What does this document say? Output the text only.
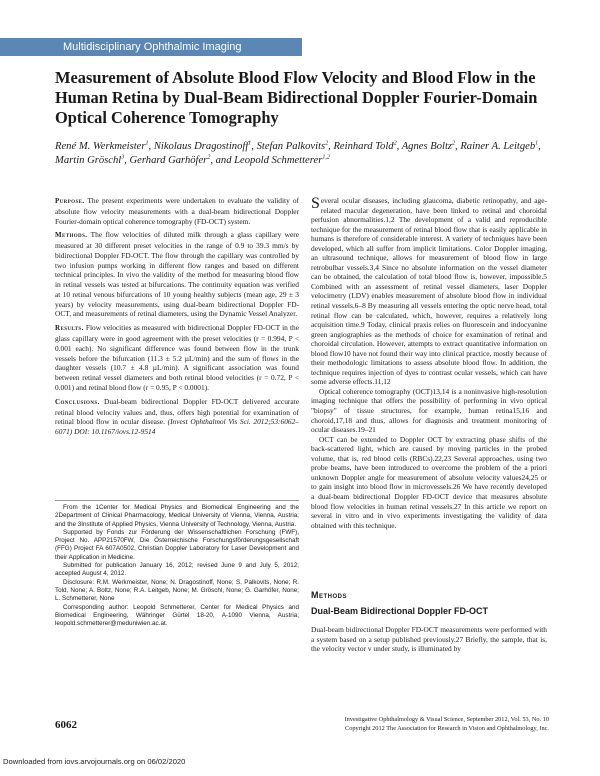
Multidisciplinary Ophthalmic Imaging
Measurement of Absolute Blood Flow Velocity and Blood Flow in the Human Retina by Dual-Beam Bidirectional Doppler Fourier-Domain Optical Coherence Tomography

René M. Werkmeister$^1$, Nikolaus Dragostinoff$^1$, Stefan Palkovits$^2$, Reinhard Told$^2$, Agnes Boltz$^2$, Rainer A. Leitgeb$^1$, Martin Gröschl$^3$, Gerhard Garhöfer$^2$, and Leopold Schmetterer$^{1,2}$

Purpose. The present experiments were undertaken to evaluate the validity of absolute flow velocity measurements with a dual-beam bidirectional Doppler Fourier-domain optical coherence tomography (FD-OCT) system.

Methods. The flow velocities of diluted milk through a glass capillary were measured at 30 different preset velocities in the range of 0.9 to 39.3 mm/s by bidirectional Doppler FD-OCT. The flow through the capillary was controlled by two infusion pumps working in different flow ranges and based on different technical principles. In vivo the validity of the method for measuring blood flow in retinal vessels was tested at bifurcations. The continuity equation was verified at 10 retinal venous bifurcations of 10 young healthy subjects (mean age, 29 ± 3 years) by velocity measurements, using dual-beam bidirectional Doppler FD-OCT, and measurements of retinal diameters, using the Dynamic Vessel Analyzer.

Results. Flow velocities as measured with bidirectional Doppler FD-OCT in the glass capillary were in good agreement with the preset velocities (r = 0.994, P < 0.001 each). No significant difference was found between flow in the trunk vessels before the bifurcation (11.3 ± 5.2 µL/min) and the sum of flows in the daughter vessels (10.7 ± 4.8 µL/min). A significant association was found between retinal vessel diameters and both retinal blood velocities (r = 0.72, P < 0.001) and retinal blood flow (r = 0.95, P < 0.0001).

Conclusions. Dual-beam bidirectional Doppler FD-OCT delivered accurate retinal blood velocity values and, thus, offers high potential for examination of retinal blood flow in ocular disease. (Invest Ophthalmol Vis Sci. 2012;53:6062–6071) DOI: 10.1167/iovs.12-9514

From the 1Center for Medical Physics and Biomedical Engineering and the 2Department of Clinical Pharmacology, Medical University of Vienna, Vienna, Austria; and the 3Institute of Applied Physics, Vienna University of Technology, Vienna, Austria.

Supported by Fonds zur Förderung der Wissenschaftlichen Forschung (FWF), Project No. APP21570FW, Die Österreichische Forschungsförderungsgesellschaft (FFG) Project FA 607A0502, Christian Doppler Laboratory for Laser Development and their Application in Medicine.

Submitted for publication January 16, 2012; revised June 9 and July 5, 2012; accepted August 4, 2012.

Disclosure: R.M. Werkmeister, None; N. Dragostinoff, None; S. Palkovits, None; R. Told, None; A. Boltz, None; R.A. Leitgeb, None; M. Gröschl, None; G. Garhöfer, None; L. Schmetterer, None

Corresponding author: Leopold Schmetterer, Center for Medical Physics and Biomedical Engineering, Währinger Gürtel 18-20, A-1090 Vienna, Austria; leopold.schmetterer@meduniwien.ac.at.

Several ocular diseases, including glaucoma, diabetic retinopathy, and age-related macular degeneration, have been linked to retinal and choroidal perfusion abnormalities.1,2 The development of a valid and reproducible technique for the measurement of retinal blood flow that is easily applicable in humans is therefore of considerable interest. A variety of techniques have been developed, which all suffer from implicit limitations. Color Doppler imaging, an ultrasound technique, allows for measurement of blood flow in large retrobulbar vessels.3,4 Since no absolute information on the vessel diameter can be obtained, the calculation of total blood flow is, however, impossible.5 Combined with an assessment of retinal vessel diameters, laser Doppler velocimetry (LDV) enables measurement of absolute blood flow in individual retinal vessels.6–8 By measuring all vessels entering the optic nerve head, total retinal flow can be calculated, which, however, requires a relatively long acquisition time.9 Today, clinical praxis relies on fluorescein and indocyanine green angiographies as the methods of choice for examination of retinal and choroidal circulation. However, attempts to extract quantitative information on blood flow10 have not found their way into clinical practice, mostly because of their methodologic limitations to assess absolute blood flow. In addition, the technique requires injection of dyes to contrast ocular vessels, which can have some adverse effects.11,12

Optical coherence tomography (OCT)13,14 is a noninvasive high-resolution imaging technique that offers the possibility of performing in vivo optical "biopsy" of tissue structures, for example, human retina15,16 and choroid,17,18 and thus, allows for diagnosis and treatment monitoring of ocular diseases.19–21

OCT can be extended to Doppler OCT by extracting phase shifts of the back-scattered light, which are caused by moving particles in the probed volume, that is, red blood cells (RBCs).22,23 Several approaches, using two probe beams, have been introduced to overcome the problem of the a priori unknown Doppler angle for measurement of absolute velocity values24,25 or to gain insight into blood flow in microvessels.26 We have recently developed a dual-beam bidirectional Doppler FD-OCT device that measures absolute blood flow velocities in human retinal vessels.27 In this article we report on several in vitro and in vivo experiments investigating the validity of data obtained with this technique.

Methods
Dual-Beam Bidirectional Doppler FD-OCT

Dual-beam bidirectional Doppler FD-OCT measurements were performed with a system based on a setup published previously.27 Briefly, the sample, that is, the velocity vector v under study, is illuminated by

6062	Investigative Ophthalmology & Visual Science, September 2012, Vol. 53, No. 10
Copyright 2012 The Association for Research in Vision and Ophthalmology, Inc.

Downloaded from iovs.arvojournals.org on 06/02/2020
